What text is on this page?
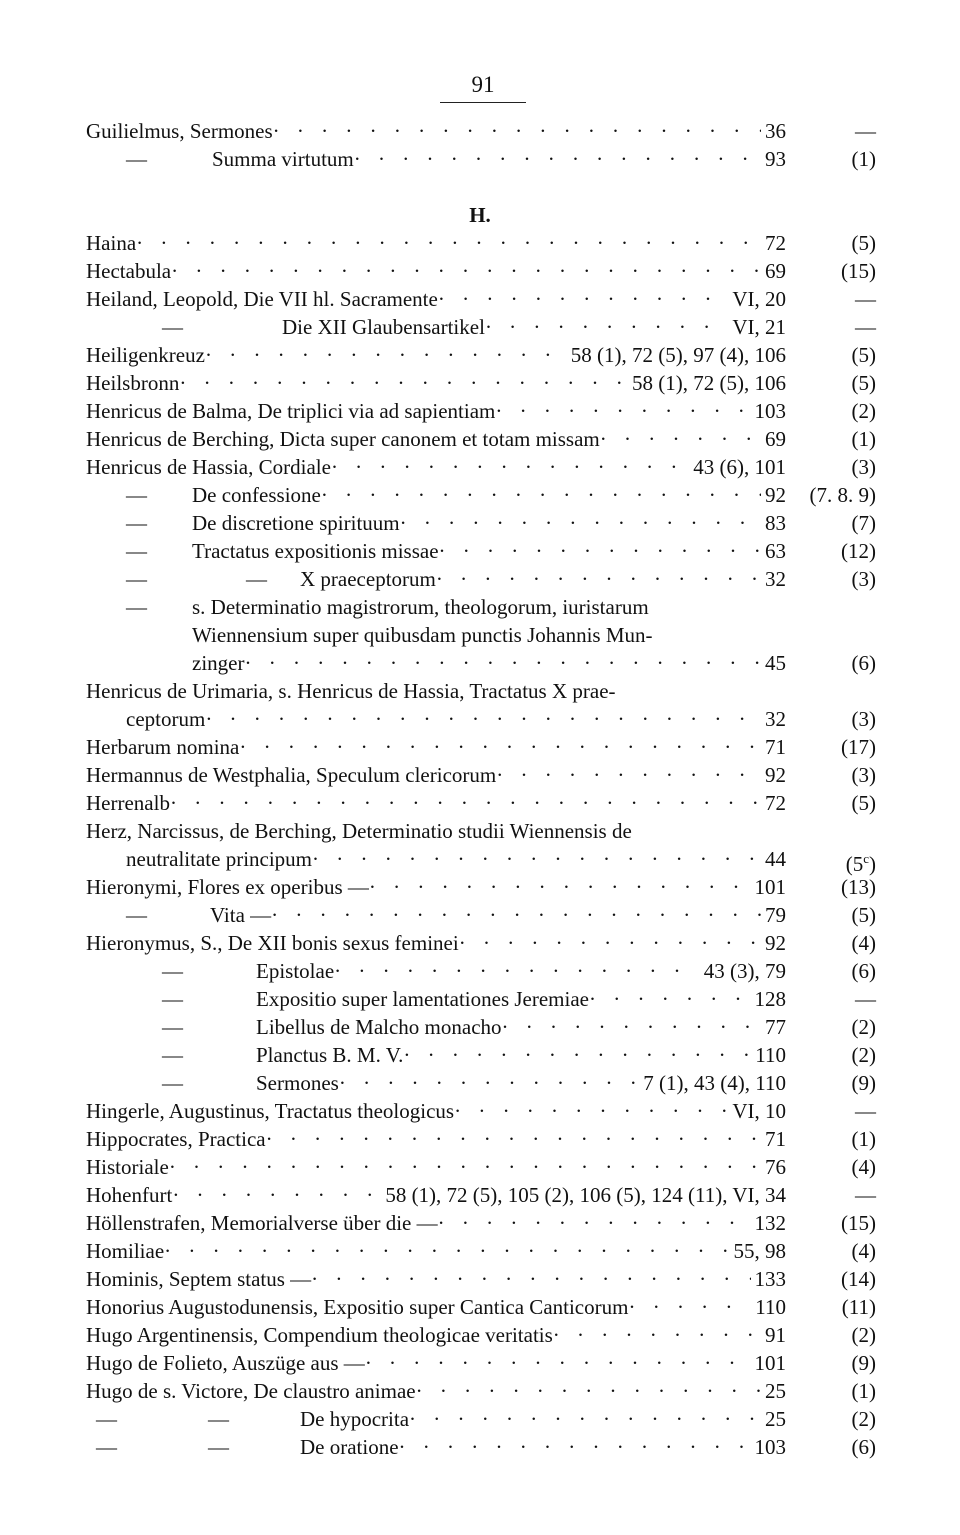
91
Guilielmus, Sermones · · ·	36	—
—	Summa virtutum · · ·	93	(1)
Haina · · ·	72	(5)
Hectabula · · ·	69	(15)
Heiland, Leopold, Die VII hl. Sacramente · · ·	VI, 20	—
—	Die XII Glaubensartikel · · ·	VI, 21	—
Heiligenkreuz · · ·	58 (1), 72 (5), 97 (4), 106	(5)
Heilsbronn · · ·	58 (1), 72 (5), 106	(5)
Henricus de Balma, De triplici via ad sapientiam · · ·	103	(2)
Henricus de Berching, Dicta super canonem et totam missam · · ·	69	(1)
Henricus de Hassia, Cordiale · · ·	43 (6), 101	(3)
— De confessione · · ·	92	(7. 8. 9)
— De discretione spirituum · · ·	83	(7)
— Tractatus expositionis missae · · ·	63	(12)
—	— X praeceptorum · · ·	32	(3)
— s. Determinatio magistrorum, theologorum, iuristarum
Wiennensium super quibusdam punctis Johannis Mun-
zinger · · ·	45	(6)
Henricus de Urimaria, s. Henricus de Hassia, Tractatus X prae-
ceptorum · · ·	32	(3)
Herbarum nomina · · ·	71	(17)
Hermannus de Westphalia, Speculum clericorum · · ·	92	(3)
Herrenalb · · ·	72	(5)
Herz, Narcissus, de Berching, Determinatio studii Wiennensis de
neutralitate principum · · ·	44	(5$^c$)
Hieronymi, Flores ex operibus — · · ·	101	(13)
—	Vita — · · ·	79	(5)
Hieronymus, S., De XII bonis sexus feminei · · ·	92	(4)
—	Epistolae · · ·	43 (3), 79	(6)
—	Expositio super lamentationes Jeremiae · · ·	128	—
—	Libellus de Malcho monacho · · ·	77	(2)
—	Planctus B. M. V. · · ·	110	(2)
—	Sermones · · ·	7 (1), 43 (4), 110	(9)
Hingerle, Augustinus, Tractatus theologicus · · ·	VI, 10	—
Hippocrates, Practica · · ·	71	(1)
Historiale · · ·	76	(4)
Hohenfurt · · ·	58 (1), 72 (5), 105 (2), 106 (5), 124 (11), VI, 34	—
Höllenstrafen, Memorialverse über die — · · ·	132	(15)
Homiliae · · ·	55, 98	(4)
Hominis, Septem status — · · ·	133	(14)
Honorius Augustodunensis, Expositio super Cantica Canticorum · · ·	110	(11)
Hugo Argentinensis, Compendium theologicae veritatis · · ·	91	(2)
Hugo de Folieto, Auszüge aus — · · ·	101	(9)
Hugo de s. Victore, De claustro animae · · ·	25	(1)
—	—	De hypocrita · · ·	25	(2)
—	—	De oratione · · ·	103	(6)
H.
